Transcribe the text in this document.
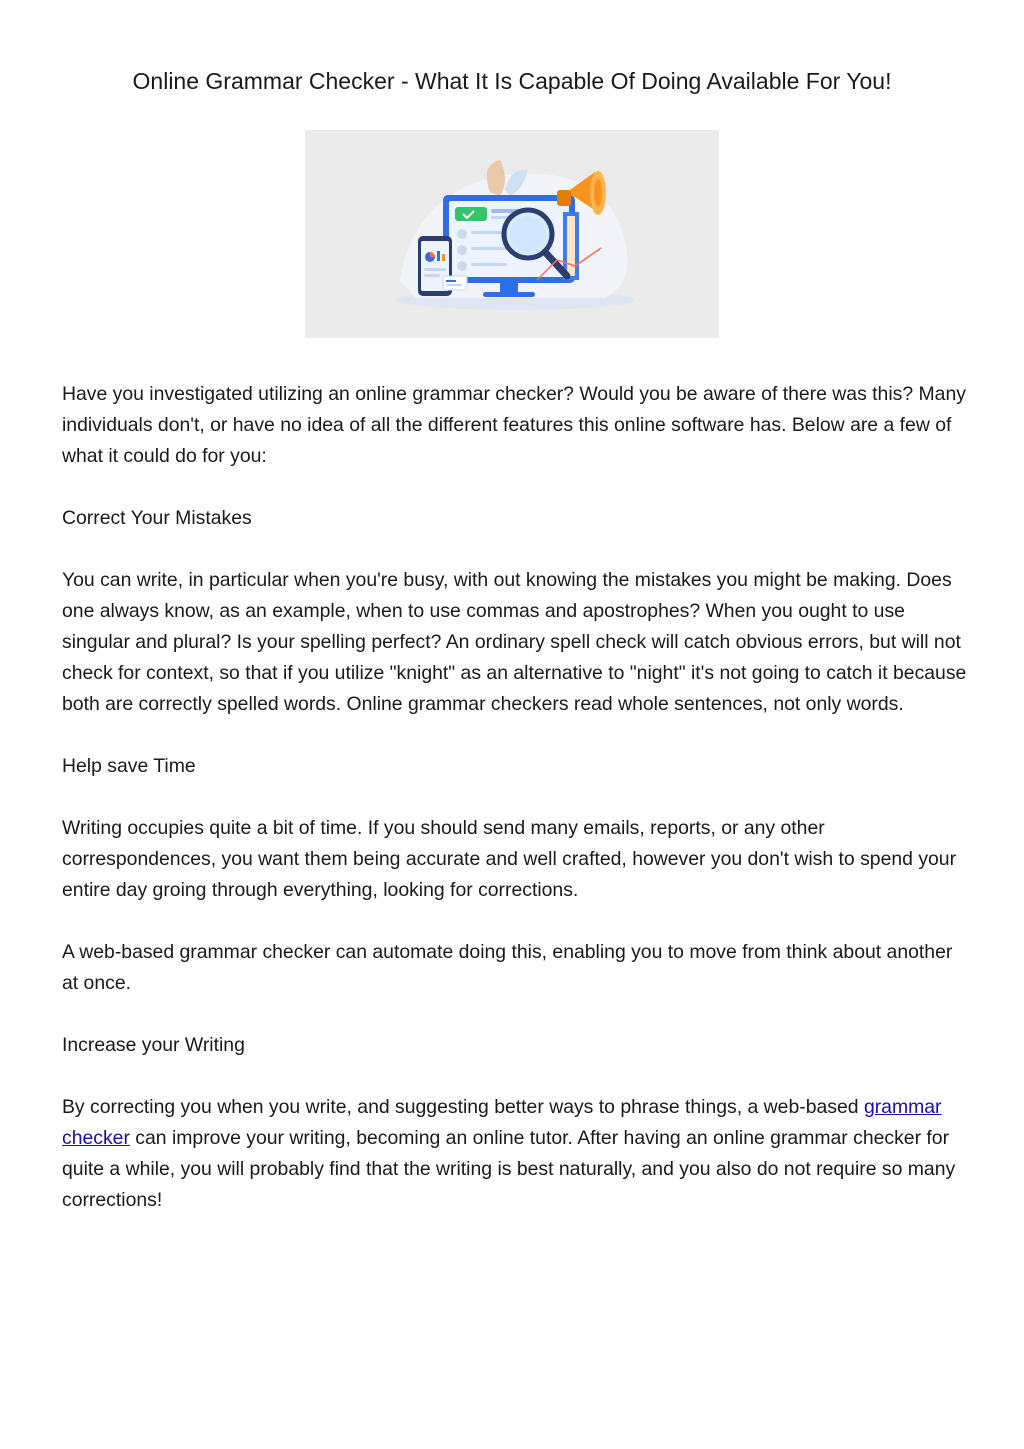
Online Grammar Checker - What It Is Capable Of Doing Available For You!

Have you investigated utilizing an online grammar checker? Would you be aware of there was this? Many individuals don't, or have no idea of all the different features this online software has. Below are a few of what it could do for you:

Correct Your Mistakes

You can write, in particular when you're busy, with out knowing the mistakes you might be making. Does one always know, as an example, when to use commas and apostrophes? When you ought to use singular and plural? Is your spelling perfect? An ordinary spell check will catch obvious errors, but will not check for context, so that if you utilize "knight" as an alternative to "night" it's not going to catch it because both are correctly spelled words. Online grammar checkers read whole sentences, not only words.

Help save Time

Writing occupies quite a bit of time. If you should send many emails, reports, or any other correspondences, you want them being accurate and well crafted, however you don't wish to spend your entire day groing through everything, looking for corrections.

A web-based grammar checker can automate doing this, enabling you to move from think about another at once.

Increase your Writing

By correcting you when you write, and suggesting better ways to phrase things, a web-based grammar checker can improve your writing, becoming an online tutor. After having an online grammar checker for quite a while, you will probably find that the writing is best naturally, and you also do not require so many corrections!
